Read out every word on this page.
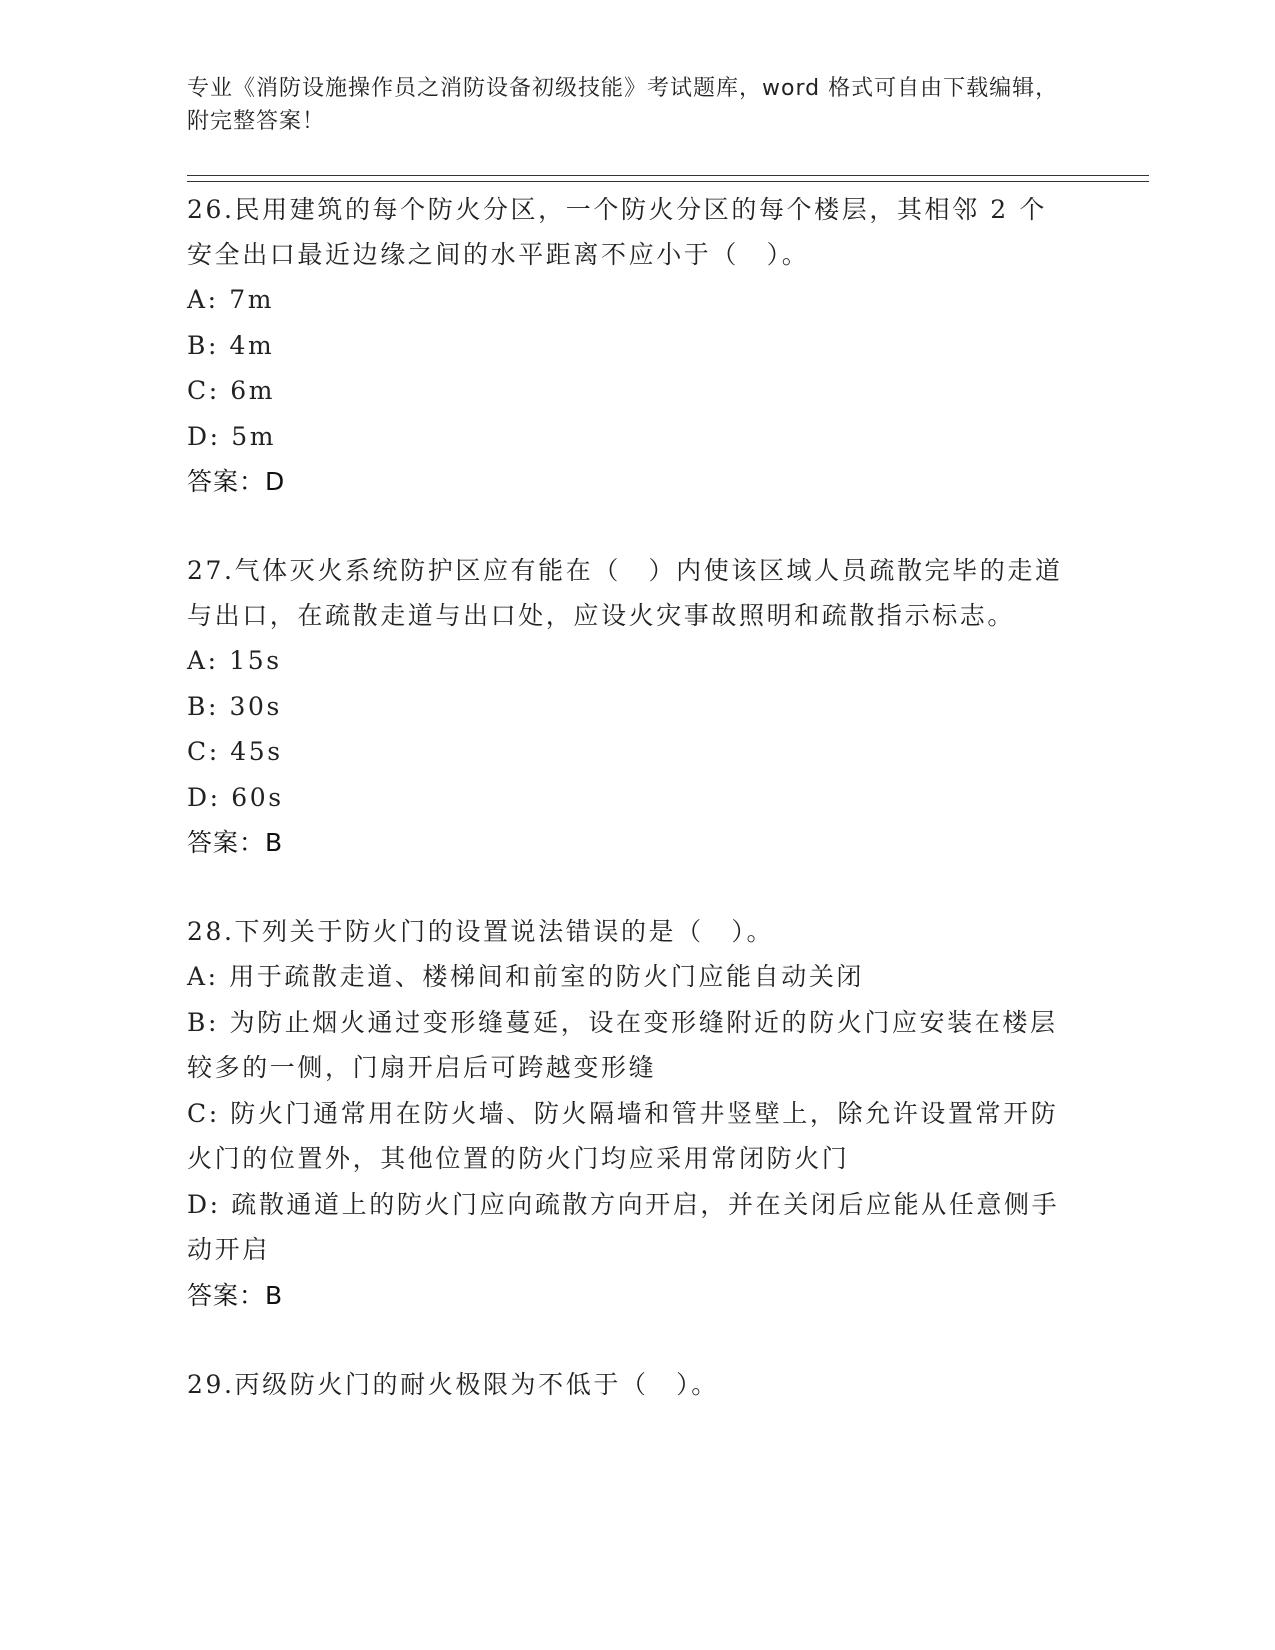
专业《消防设施操作员之消防设备初级技能》考试题库，word 格式可自由下载编辑，附完整答案！

26.民用建筑的每个防火分区，一个防火分区的每个楼层，其相邻 2 个安全出口最近边缘之间的水平距离不应小于（　）。

A: 7m

B: 4m

C: 6m

D: 5m

答案：D

27.气体灭火系统防护区应有能在（　）内使该区域人员疏散完毕的走道与出口，在疏散走道与出口处，应设火灾事故照明和疏散指示标志。

A: 15s

B: 30s

C: 45s

D: 60s

答案：B

28.下列关于防火门的设置说法错误的是（　）。

A: 用于疏散走道、楼梯间和前室的防火门应能自动关闭

B: 为防止烟火通过变形缝蔓延，设在变形缝附近的防火门应安装在楼层较多的一侧，门扇开启后可跨越变形缝

C: 防火门通常用在防火墙、防火隔墙和管井竖壁上，除允许设置常开防火门的位置外，其他位置的防火门均应采用常闭防火门

D: 疏散通道上的防火门应向疏散方向开启，并在关闭后应能从任意侧手动开启

答案：B

29.丙级防火门的耐火极限为不低于（　）。
